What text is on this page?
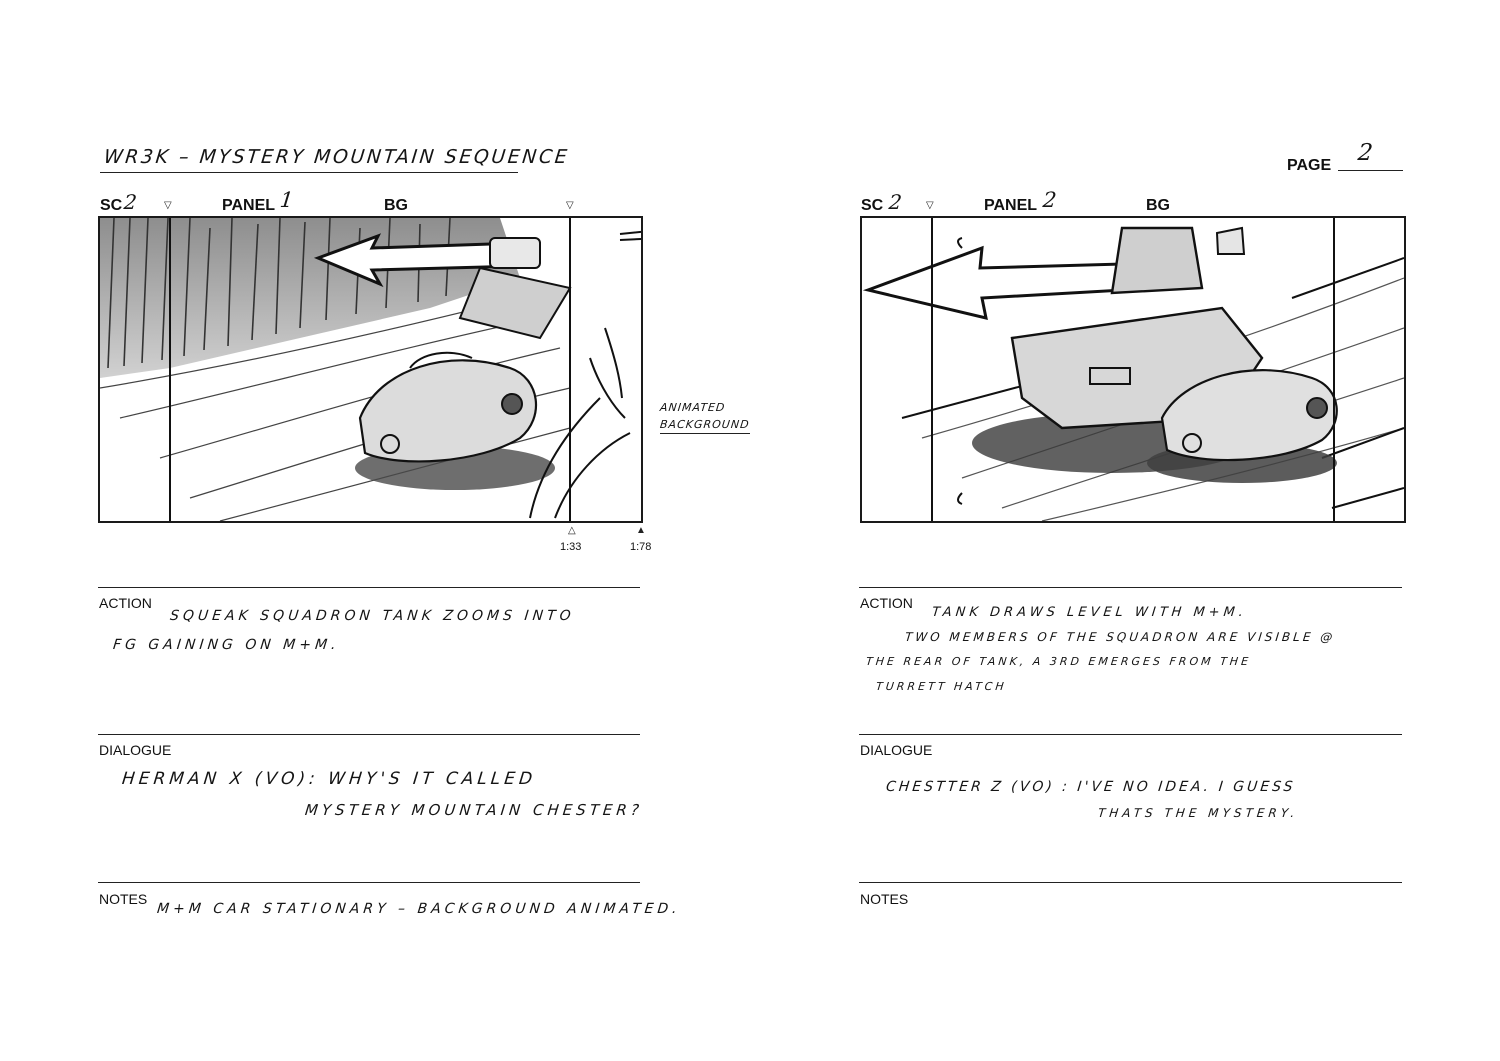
WR3K – MYSTERY MOUNTAIN SEQUENCE	PAGE 2
SC 2 ▽	PANEL 1	BG	▽
ANIMATED
BACKGROUND
△
1:33
▲
1:78
SC 2 ▽	PANEL 2	BG
ACTION
SQUEAK SQUADRON TANK ZOOMS INTO
FG GAINING ON M+M.
DIALOGUE
HERMAN X (VO): WHY'S IT CALLED
MYSTERY MOUNTAIN CHESTER?
NOTES
M+M CAR STATIONARY – BACKGROUND ANIMATED.
ACTION
TANK DRAWS LEVEL WITH M+M.
TWO MEMBERS OF THE SQUADRON ARE VISIBLE @
THE REAR OF TANK, A 3RD EMERGES FROM THE
TURRETT HATCH
DIALOGUE
CHESTTER Z (VO) : I'VE NO IDEA. I GUESS
THATS THE MYSTERY.
NOTES
